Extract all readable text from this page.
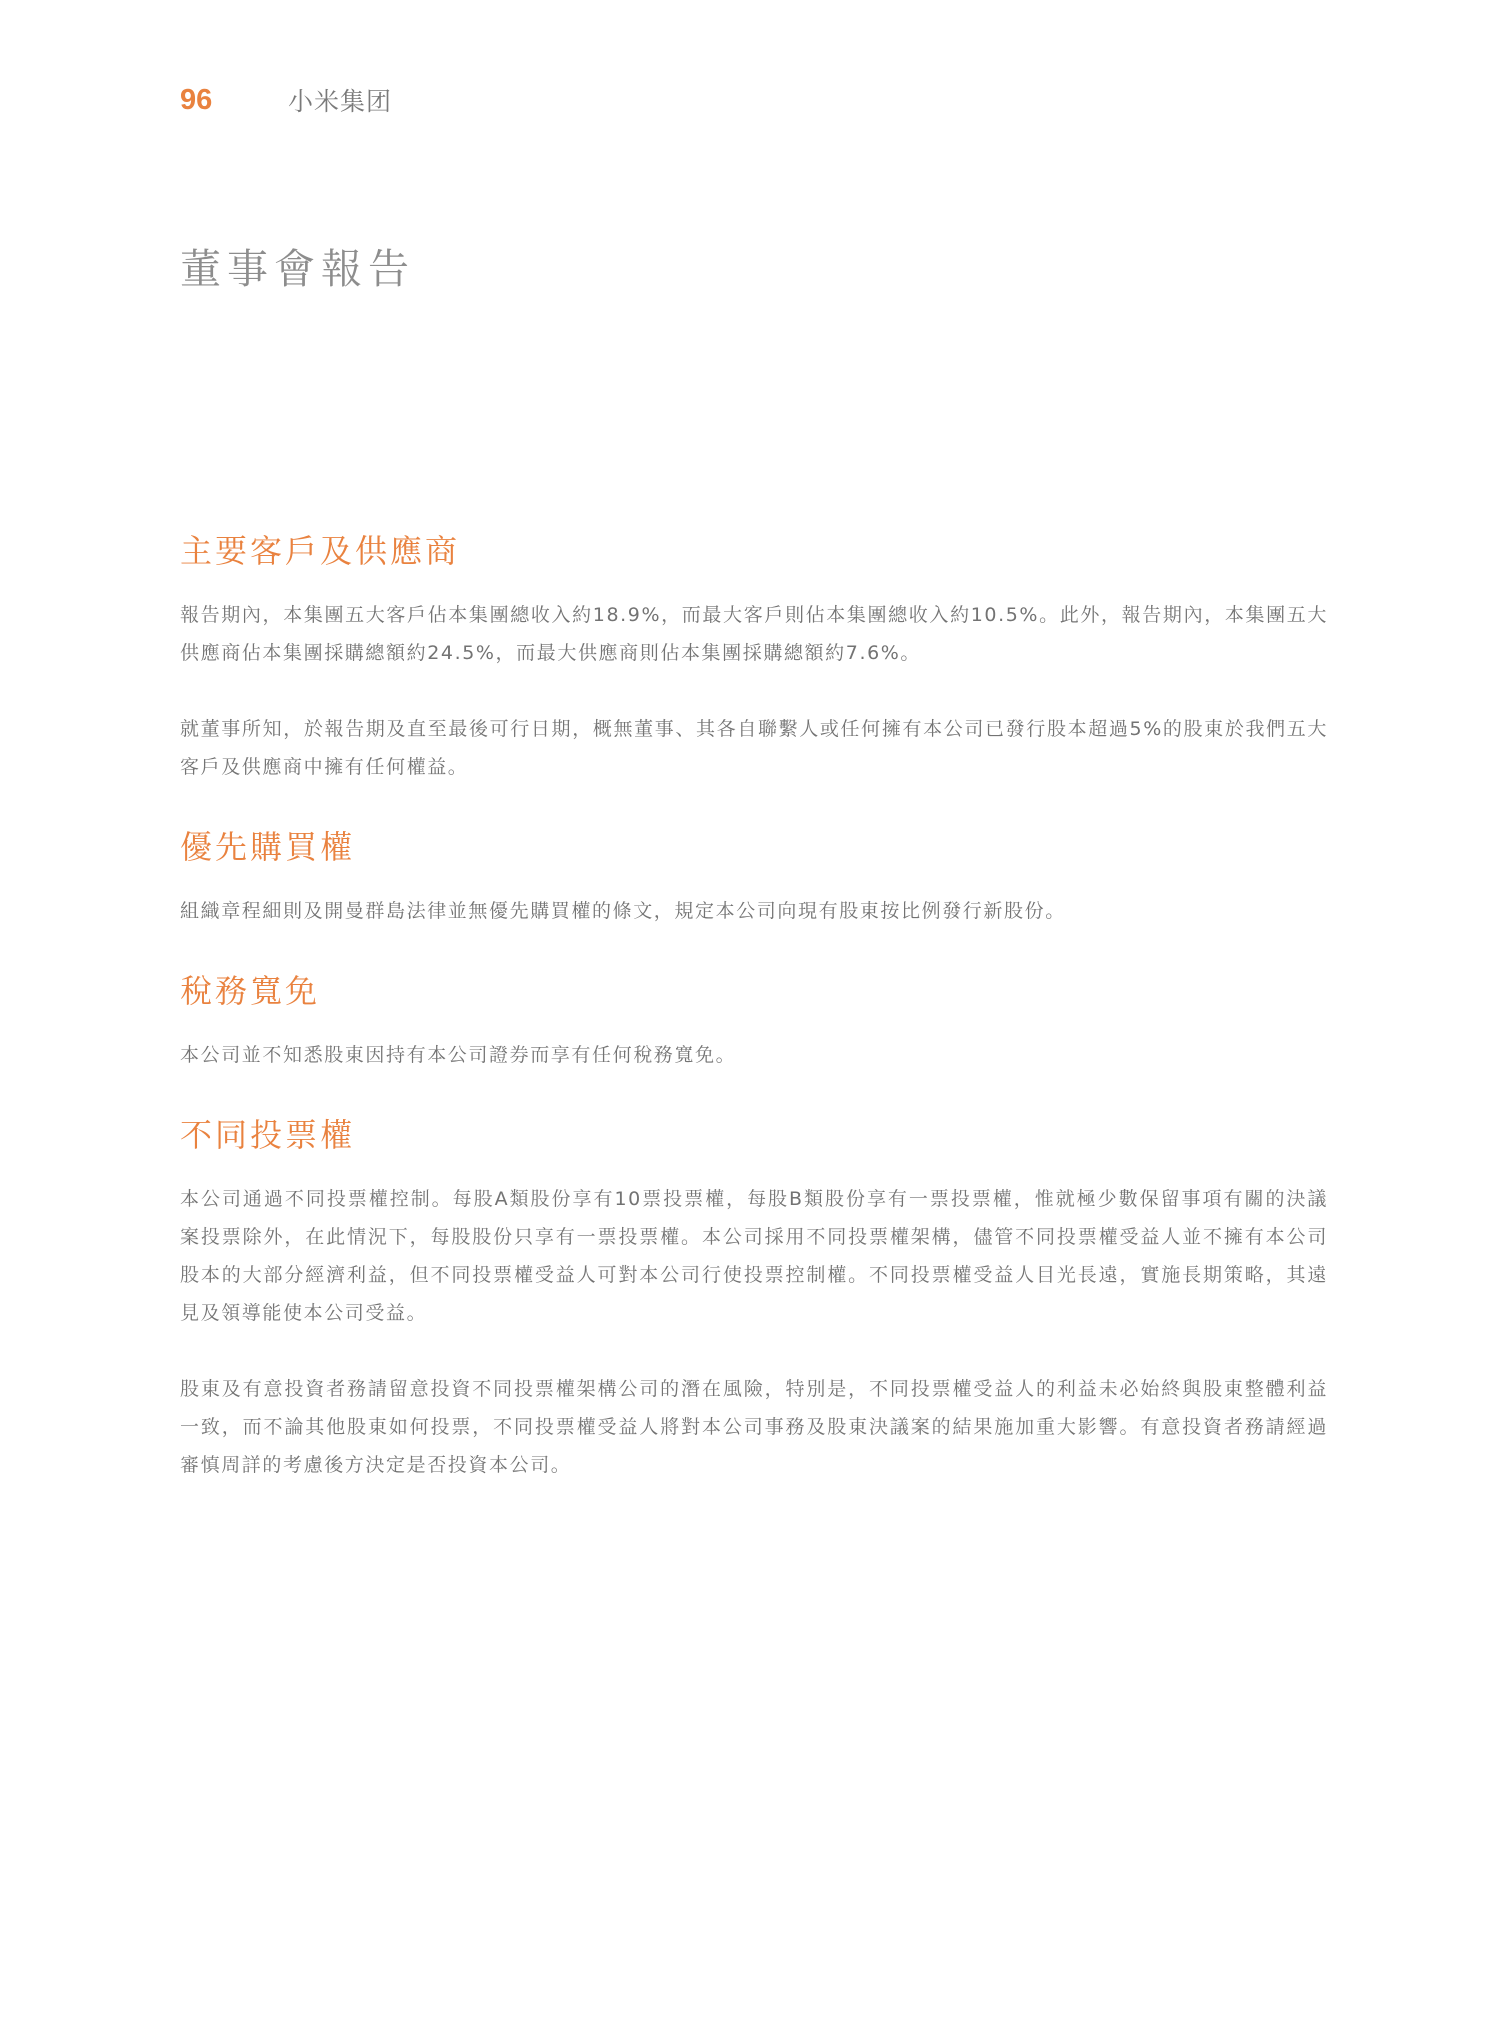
96	小米集团
董事會報告
主要客戶及供應商

報告期內，本集團五大客戶佔本集團總收入約18.9%，而最大客戶則佔本集團總收入約10.5%。此外，報告期內，本集團五大供應商佔本集團採購總額約24.5%，而最大供應商則佔本集團採購總額約7.6%。

就董事所知，於報告期及直至最後可行日期，概無董事、其各自聯繫人或任何擁有本公司已發行股本超過5%的股東於我們五大客戶及供應商中擁有任何權益。

優先購買權

組織章程細則及開曼群島法律並無優先購買權的條文，規定本公司向現有股東按比例發行新股份。

稅務寬免

本公司並不知悉股東因持有本公司證券而享有任何稅務寬免。

不同投票權

本公司通過不同投票權控制。每股A類股份享有10票投票權，每股B類股份享有一票投票權，惟就極少數保留事項有關的決議案投票除外，在此情況下，每股股份只享有一票投票權。本公司採用不同投票權架構，儘管不同投票權受益人並不擁有本公司股本的大部分經濟利益，但不同投票權受益人可對本公司行使投票控制權。不同投票權受益人目光長遠，實施長期策略，其遠見及領導能使本公司受益。

股東及有意投資者務請留意投資不同投票權架構公司的潛在風險，特別是，不同投票權受益人的利益未必始終與股東整體利益一致，而不論其他股東如何投票，不同投票權受益人將對本公司事務及股東決議案的結果施加重大影響。有意投資者務請經過審慎周詳的考慮後方決定是否投資本公司。
